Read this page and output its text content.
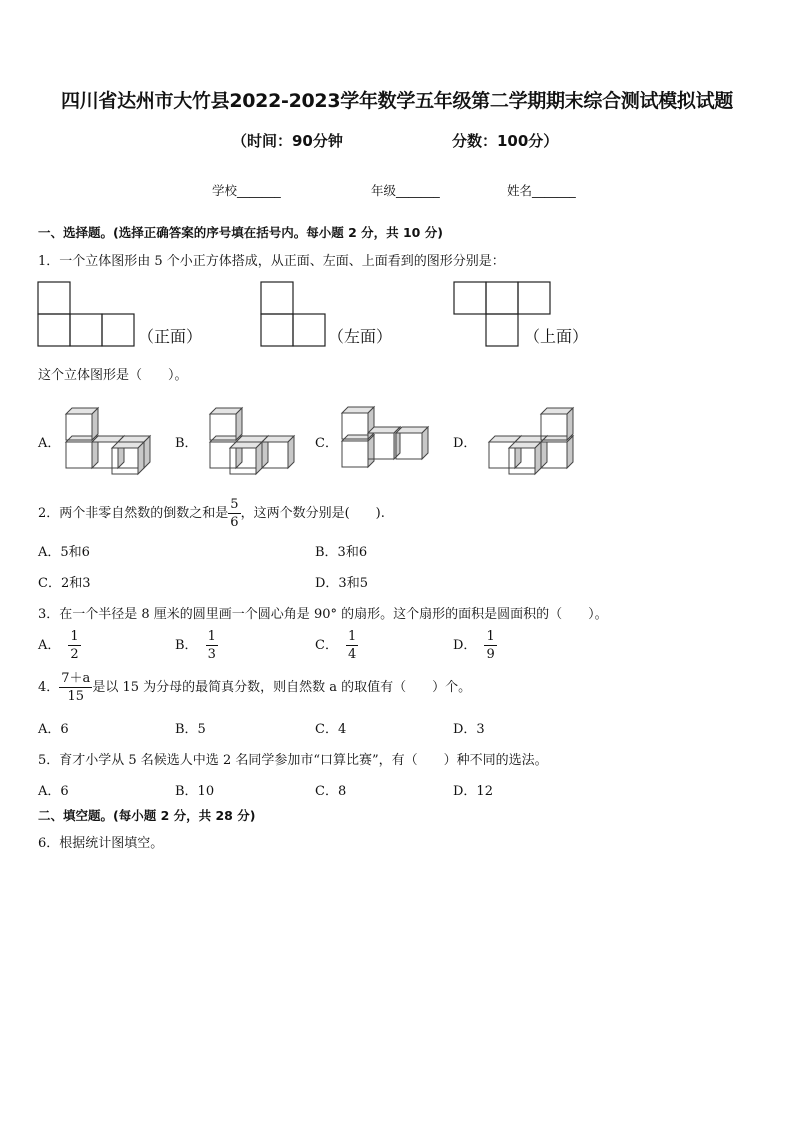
四川省达州市大竹县2022-2023学年数学五年级第二学期期末综合测试模拟试题
（时间：90分钟	分数：100分）
学校_______	年级_______	姓名_______
一、选择题。(选择正确答案的序号填在括号内。每小题 2 分，共 10 分)
1．一个立体图形由 5 个小正方体搭成，从正面、左面、上面看到的图形分别是：
（正面）	（左面）	（上面）
这个立体图形是（　　）。
A．	B．	C．	D．
2．两个非零自然数的倒数之和是 $\frac{5}{6}$ ，这两个数分别是(　　).
A．5和6	B．3和6
C．2和3	D．3和5
3．在一个半径是 8 厘米的圆里画一个圆心角是 90° 的扇形。这个扇形的面积是圆面积的（　　）。
A． $\frac{1}{2}$	B． $\frac{1}{3}$	C． $\frac{1}{4}$	D． $\frac{1}{9}$
4． $\frac{7+a}{15}$ 是以 15 为分母的最简真分数，则自然数 a 的取值有（　　）个。
A．6	B．5	C．4	D．3
5．育才小学从 5 名候选人中选 2 名同学参加市“口算比赛”，有（　　）种不同的选法。
A．6	B．10	C．8	D．12
二、填空题。(每小题 2 分，共 28 分)
6．根据统计图填空。
